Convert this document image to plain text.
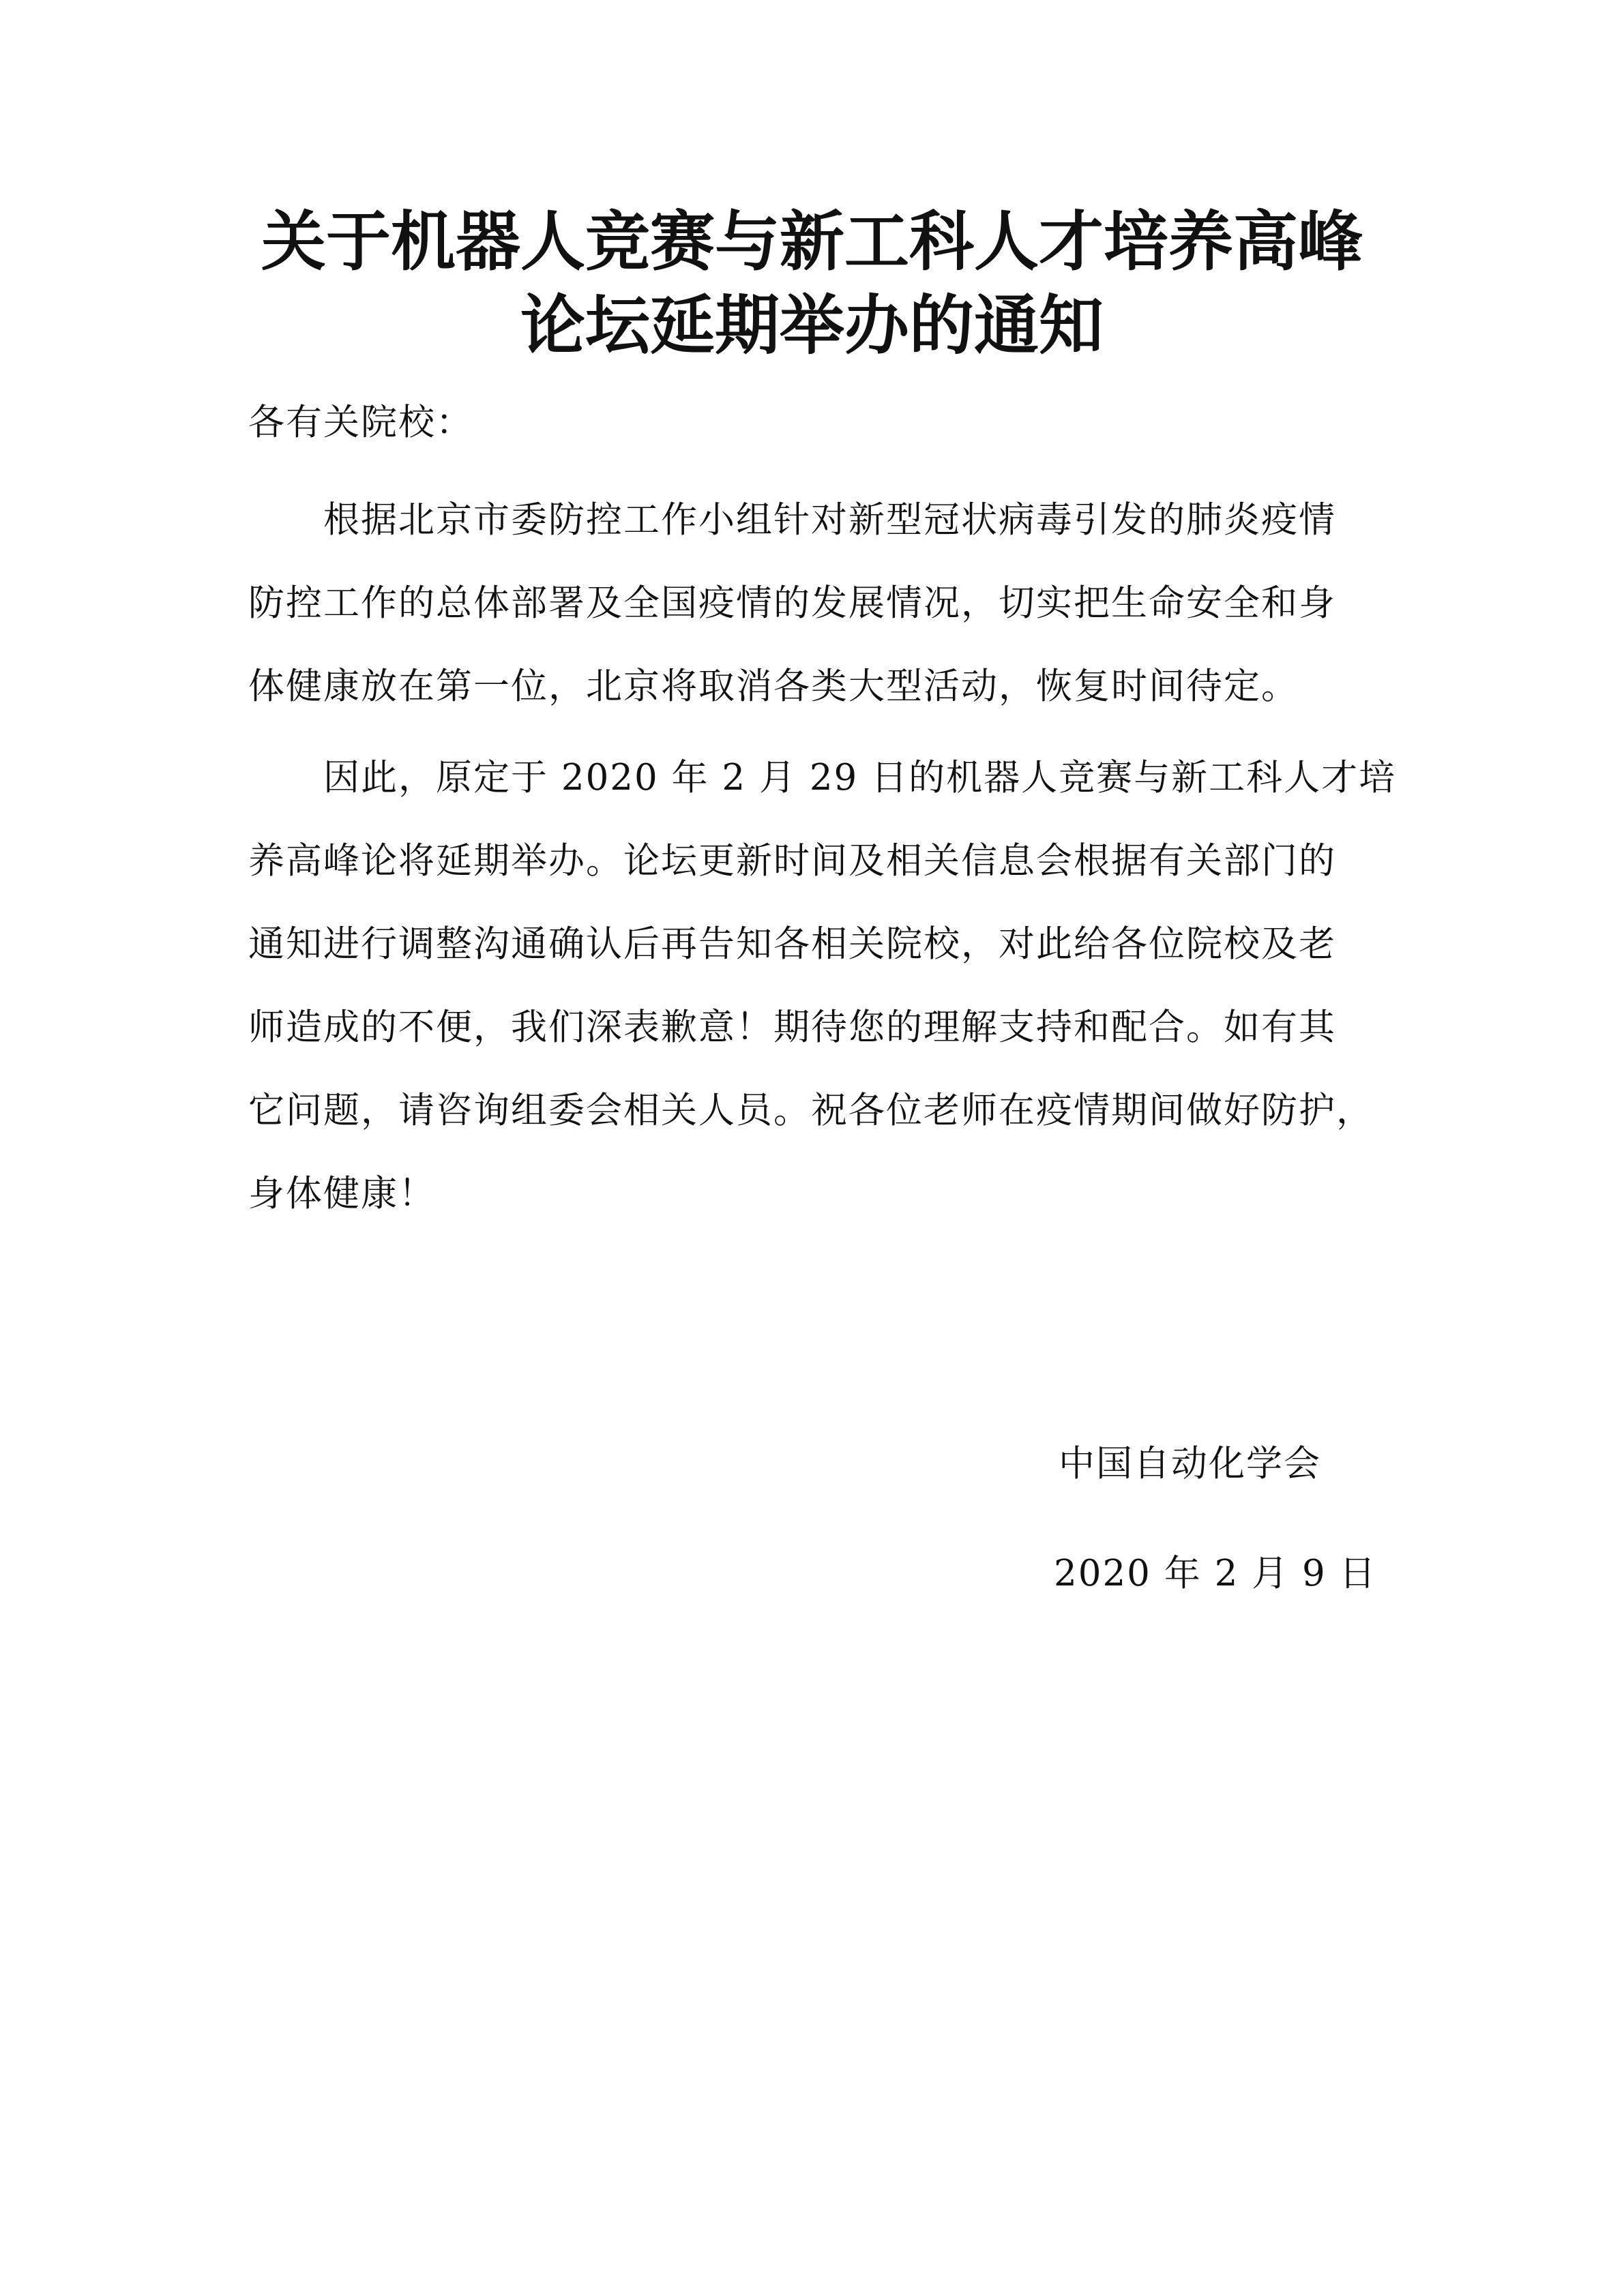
关于机器人竞赛与新工科人才培养高峰
论坛延期举办的通知
各有关院校：
根据北京市委防控工作小组针对新型冠状病毒引发的肺炎疫情
防控工作的总体部署及全国疫情的发展情况，切实把生命安全和身
体健康放在第一位，北京将取消各类大型活动，恢复时间待定。
因此，原定于 2020 年 2 月 29 日的机器人竞赛与新工科人才培
养高峰论将延期举办。论坛更新时间及相关信息会根据有关部门的
通知进行调整沟通确认后再告知各相关院校，对此给各位院校及老
师造成的不便，我们深表歉意！期待您的理解支持和配合。如有其
它问题，请咨询组委会相关人员。祝各位老师在疫情期间做好防护，
身体健康！
中国自动化学会
2020 年 2 月 9 日
